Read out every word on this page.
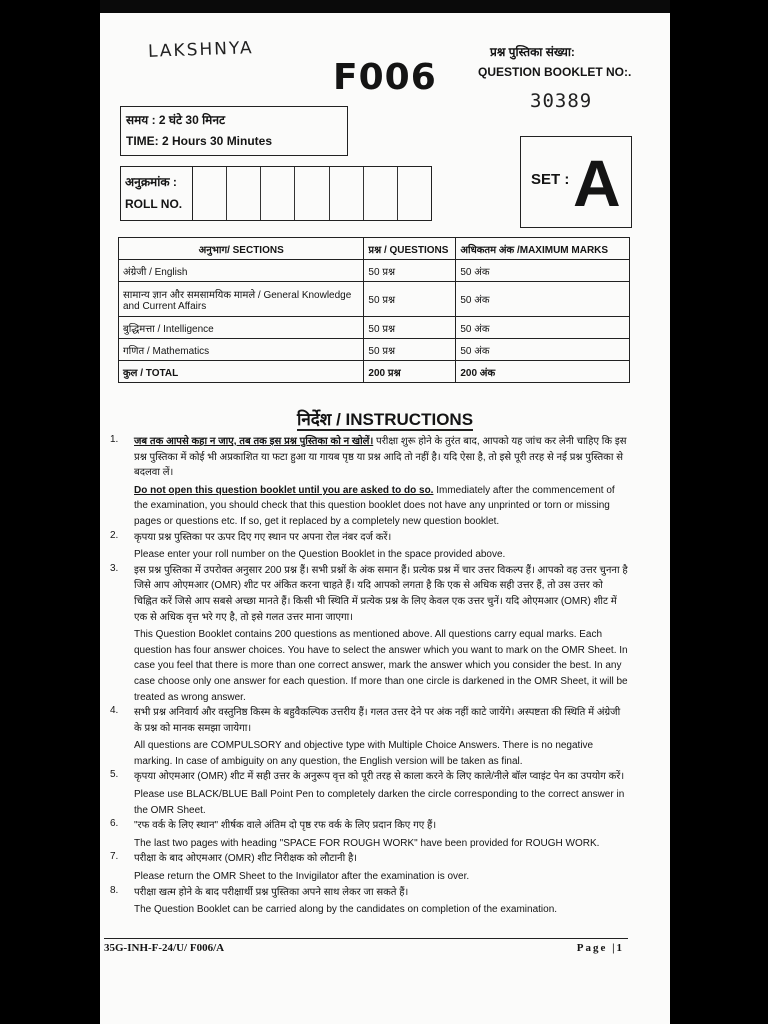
LAKSHNYA
F006
प्रश्न पुस्तिका संख्या:
QUESTION BOOKLET NO:.
30389
समय : 2 घंटे 30 मिनट
TIME: 2 Hours 30 Minutes
SET : A
अनुक्रमांक :
ROLL NO.
अनुभाग/ SECTIONS	प्रश्न / QUESTIONS	अधिकतम अंक /MAXIMUM MARKS
अंग्रेजी / English	50 प्रश्न	50 अंक
सामान्य ज्ञान और समसामयिक मामले / General Knowledge and Current Affairs	50 प्रश्न	50 अंक
बुद्धिमत्ता / Intelligence	50 प्रश्न	50 अंक
गणित / Mathematics	50 प्रश्न	50 अंक
कुल / TOTAL	200 प्रश्न	200 अंक
निर्देश / INSTRUCTIONS
1. जब तक आपसे कहा न जाए, तब तक इस प्रश्न पुस्तिका को न खोलें। परीक्षा शुरू होने के तुरंत बाद, आपको यह जांच कर लेनी चाहिए कि इस प्रश्न पुस्तिका में कोई भी अप्रकाशित या फटा हुआ या गायब पृष्ठ या प्रश्न आदि तो नहीं है। यदि ऐसा है, तो इसे पूरी तरह से नई प्रश्न पुस्तिका से बदलवा लें।

Do not open this question booklet until you are asked to do so. Immediately after the commencement of the examination, you should check that this question booklet does not have any unprinted or torn or missing pages or questions etc. If so, get it replaced by a completely new question booklet.

2. कृपया प्रश्न पुस्तिका पर ऊपर दिए गए स्थान पर अपना रोल नंबर दर्ज करें।

Please enter your roll number on the Question Booklet in the space provided above.

3. इस प्रश्न पुस्तिका में उपरोक्त अनुसार 200 प्रश्न हैं। सभी प्रश्नों के अंक समान हैं। प्रत्येक प्रश्न में चार उत्तर विकल्प हैं। आपको वह उत्तर चुनना है जिसे आप ओएमआर (OMR) शीट पर अंकित करना चाहते हैं। यदि आपको लगता है कि एक से अधिक सही उत्तर हैं, तो उस उत्तर को चिह्नित करें जिसे आप सबसे अच्छा मानते हैं। किसी भी स्थिति में प्रत्येक प्रश्न के लिए केवल एक उत्तर चुनें। यदि ओएमआर (OMR) शीट में एक से अधिक वृत्त भरे गए है, तो इसे गलत उत्तर माना जाएगा।

This Question Booklet contains 200 questions as mentioned above. All questions carry equal marks. Each question has four answer choices. You have to select the answer which you want to mark on the OMR Sheet. In case you feel that there is more than one correct answer, mark the answer which you consider the best. In any case choose only one answer for each question. If more than one circle is darkened in the OMR Sheet, it will be treated as wrong answer.

4. सभी प्रश्न अनिवार्य और वस्तुनिष्ठ किस्म के बहुवैकल्पिक उत्तरीय हैं। गलत उत्तर देने पर अंक नहीं काटे जायेंगे। अस्पष्टता की स्थिति में अंग्रेजी के प्रश्न को मानक समझा जायेगा।

All questions are COMPULSORY and objective type with Multiple Choice Answers. There is no negative marking. In case of ambiguity on any question, the English version will be taken as final.

5. कृपया ओएमआर (OMR) शीट में सही उत्तर के अनुरूप वृत्त को पूरी तरह से काला करने के लिए काले/नीले बॉल प्वाइंट पेन का उपयोग करें।

Please use BLACK/BLUE Ball Point Pen to completely darken the circle corresponding to the correct answer in the OMR Sheet.

6. "रफ वर्क के लिए स्थान" शीर्षक वाले अंतिम दो पृष्ठ रफ वर्क के लिए प्रदान किए गए हैं।

The last two pages with heading "SPACE FOR ROUGH WORK" have been provided for ROUGH WORK.

7. परीक्षा के बाद ओएमआर (OMR) शीट निरीक्षक को लौटानी है।

Please return the OMR Sheet to the Invigilator after the examination is over.

8. परीक्षा खत्म होने के बाद परीक्षार्थी प्रश्न पुस्तिका अपने साथ लेकर जा सकते हैं।

The Question Booklet can be carried along by the candidates on completion of the examination.

35G-INH-F-24/U/ F006/A	Page |1
